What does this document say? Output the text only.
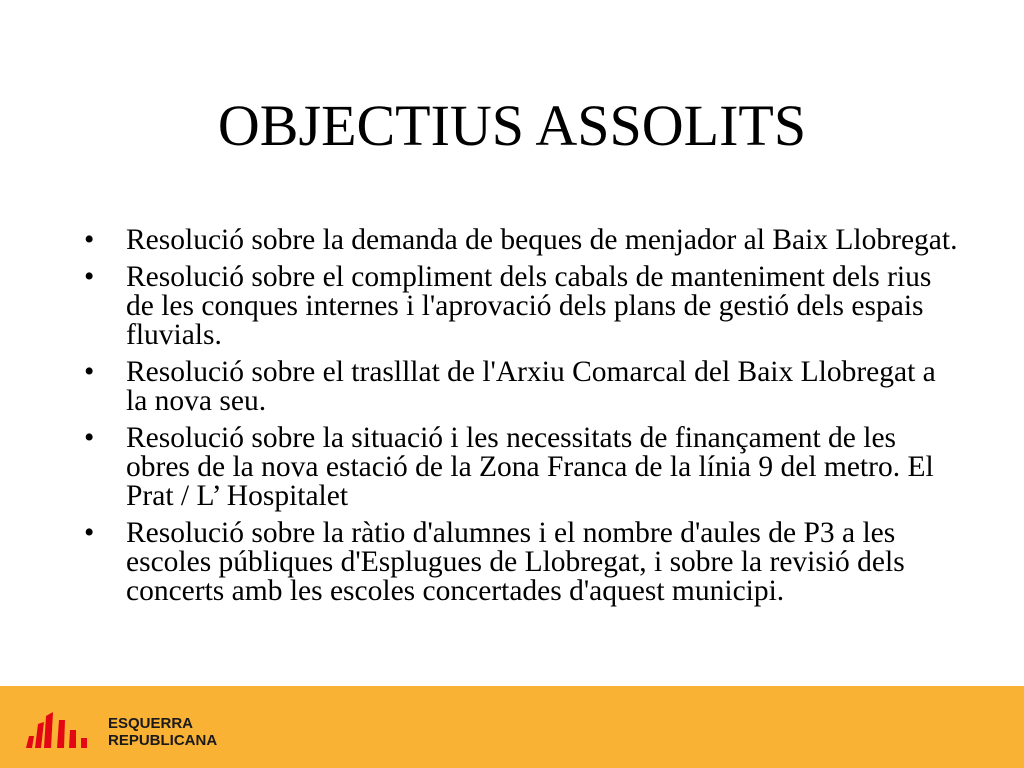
OBJECTIUS ASSOLITS
• Resolució sobre la demanda de beques de menjador al Baix Llobregat.
• Resolució sobre el compliment dels cabals de manteniment dels rius de les conques internes i l'aprovació dels plans de gestió dels espais fluvials.
• Resolució sobre el traslllat de l'Arxiu Comarcal del Baix Llobregat a la nova seu.
• Resolució sobre la situació i les necessitats de finançament de les obres de la nova estació de la Zona Franca de la línia 9 del metro. El Prat / L’ Hospitalet
• Resolució sobre la ràtio d'alumnes i el nombre d'aules de P3 a les escoles públiques d'Esplugues de Llobregat, i sobre la revisió dels concerts amb les escoles concertades d'aquest municipi.
ESQUERRA
REPUBLICANA
